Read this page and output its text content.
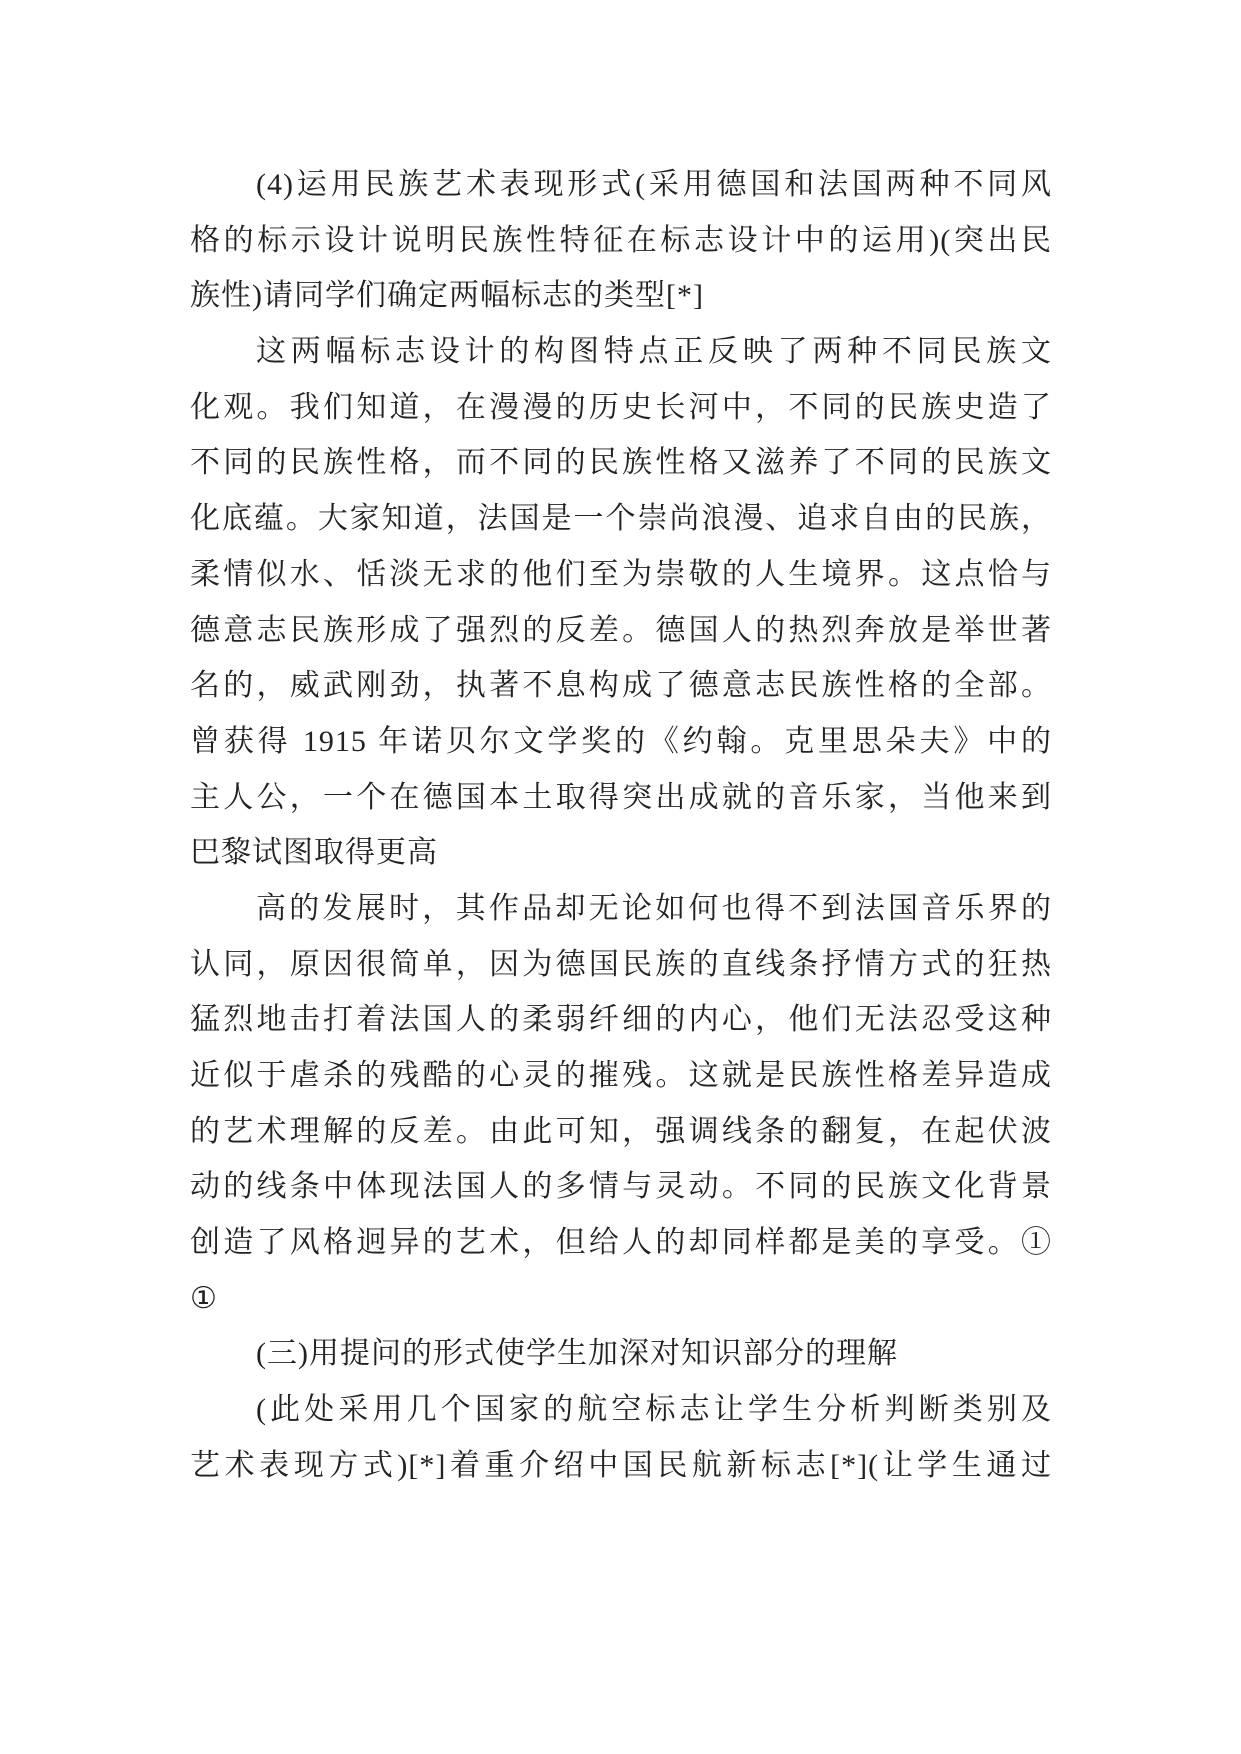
(4)运用民族艺术表现形式(采用德国和法国两种不同风
格的标示设计说明民族性特征在标志设计中的运用)(突出民
族性)请同学们确定两幅标志的类型[*]
这两幅标志设计的构图特点正反映了两种不同民族文
化观。我们知道，在漫漫的历史长河中，不同的民族史造了
不同的民族性格，而不同的民族性格又滋养了不同的民族文
化底蕴。大家知道，法国是一个崇尚浪漫、追求自由的民族，
柔情似水、恬淡无求的他们至为崇敬的人生境界。这点恰与
德意志民族形成了强烈的反差。德国人的热烈奔放是举世著
名的，威武刚劲，执著不息构成了德意志民族性格的全部。
曾获得 1915 年诺贝尔文学奖的《约翰。克里思朵夫》中的
主人公，一个在德国本土取得突出成就的音乐家，当他来到
巴黎试图取得更高
高的发展时，其作品却无论如何也得不到法国音乐界的
认同，原因很简单，因为德国民族的直线条抒情方式的狂热
猛烈地击打着法国人的柔弱纤细的内心，他们无法忍受这种
近似于虐杀的残酷的心灵的摧残。这就是民族性格差异造成
的艺术理解的反差。由此可知，强调线条的翻复，在起伏波
动的线条中体现法国人的多情与灵动。不同的民族文化背景
创造了风格迥异的艺术，但给人的却同样都是美的享受。①
①
(三)用提问的形式使学生加深对知识部分的理解
(此处采用几个国家的航空标志让学生分析判断类别及
艺术表现方式)[*]着重介绍中国民航新标志[*](让学生通过
